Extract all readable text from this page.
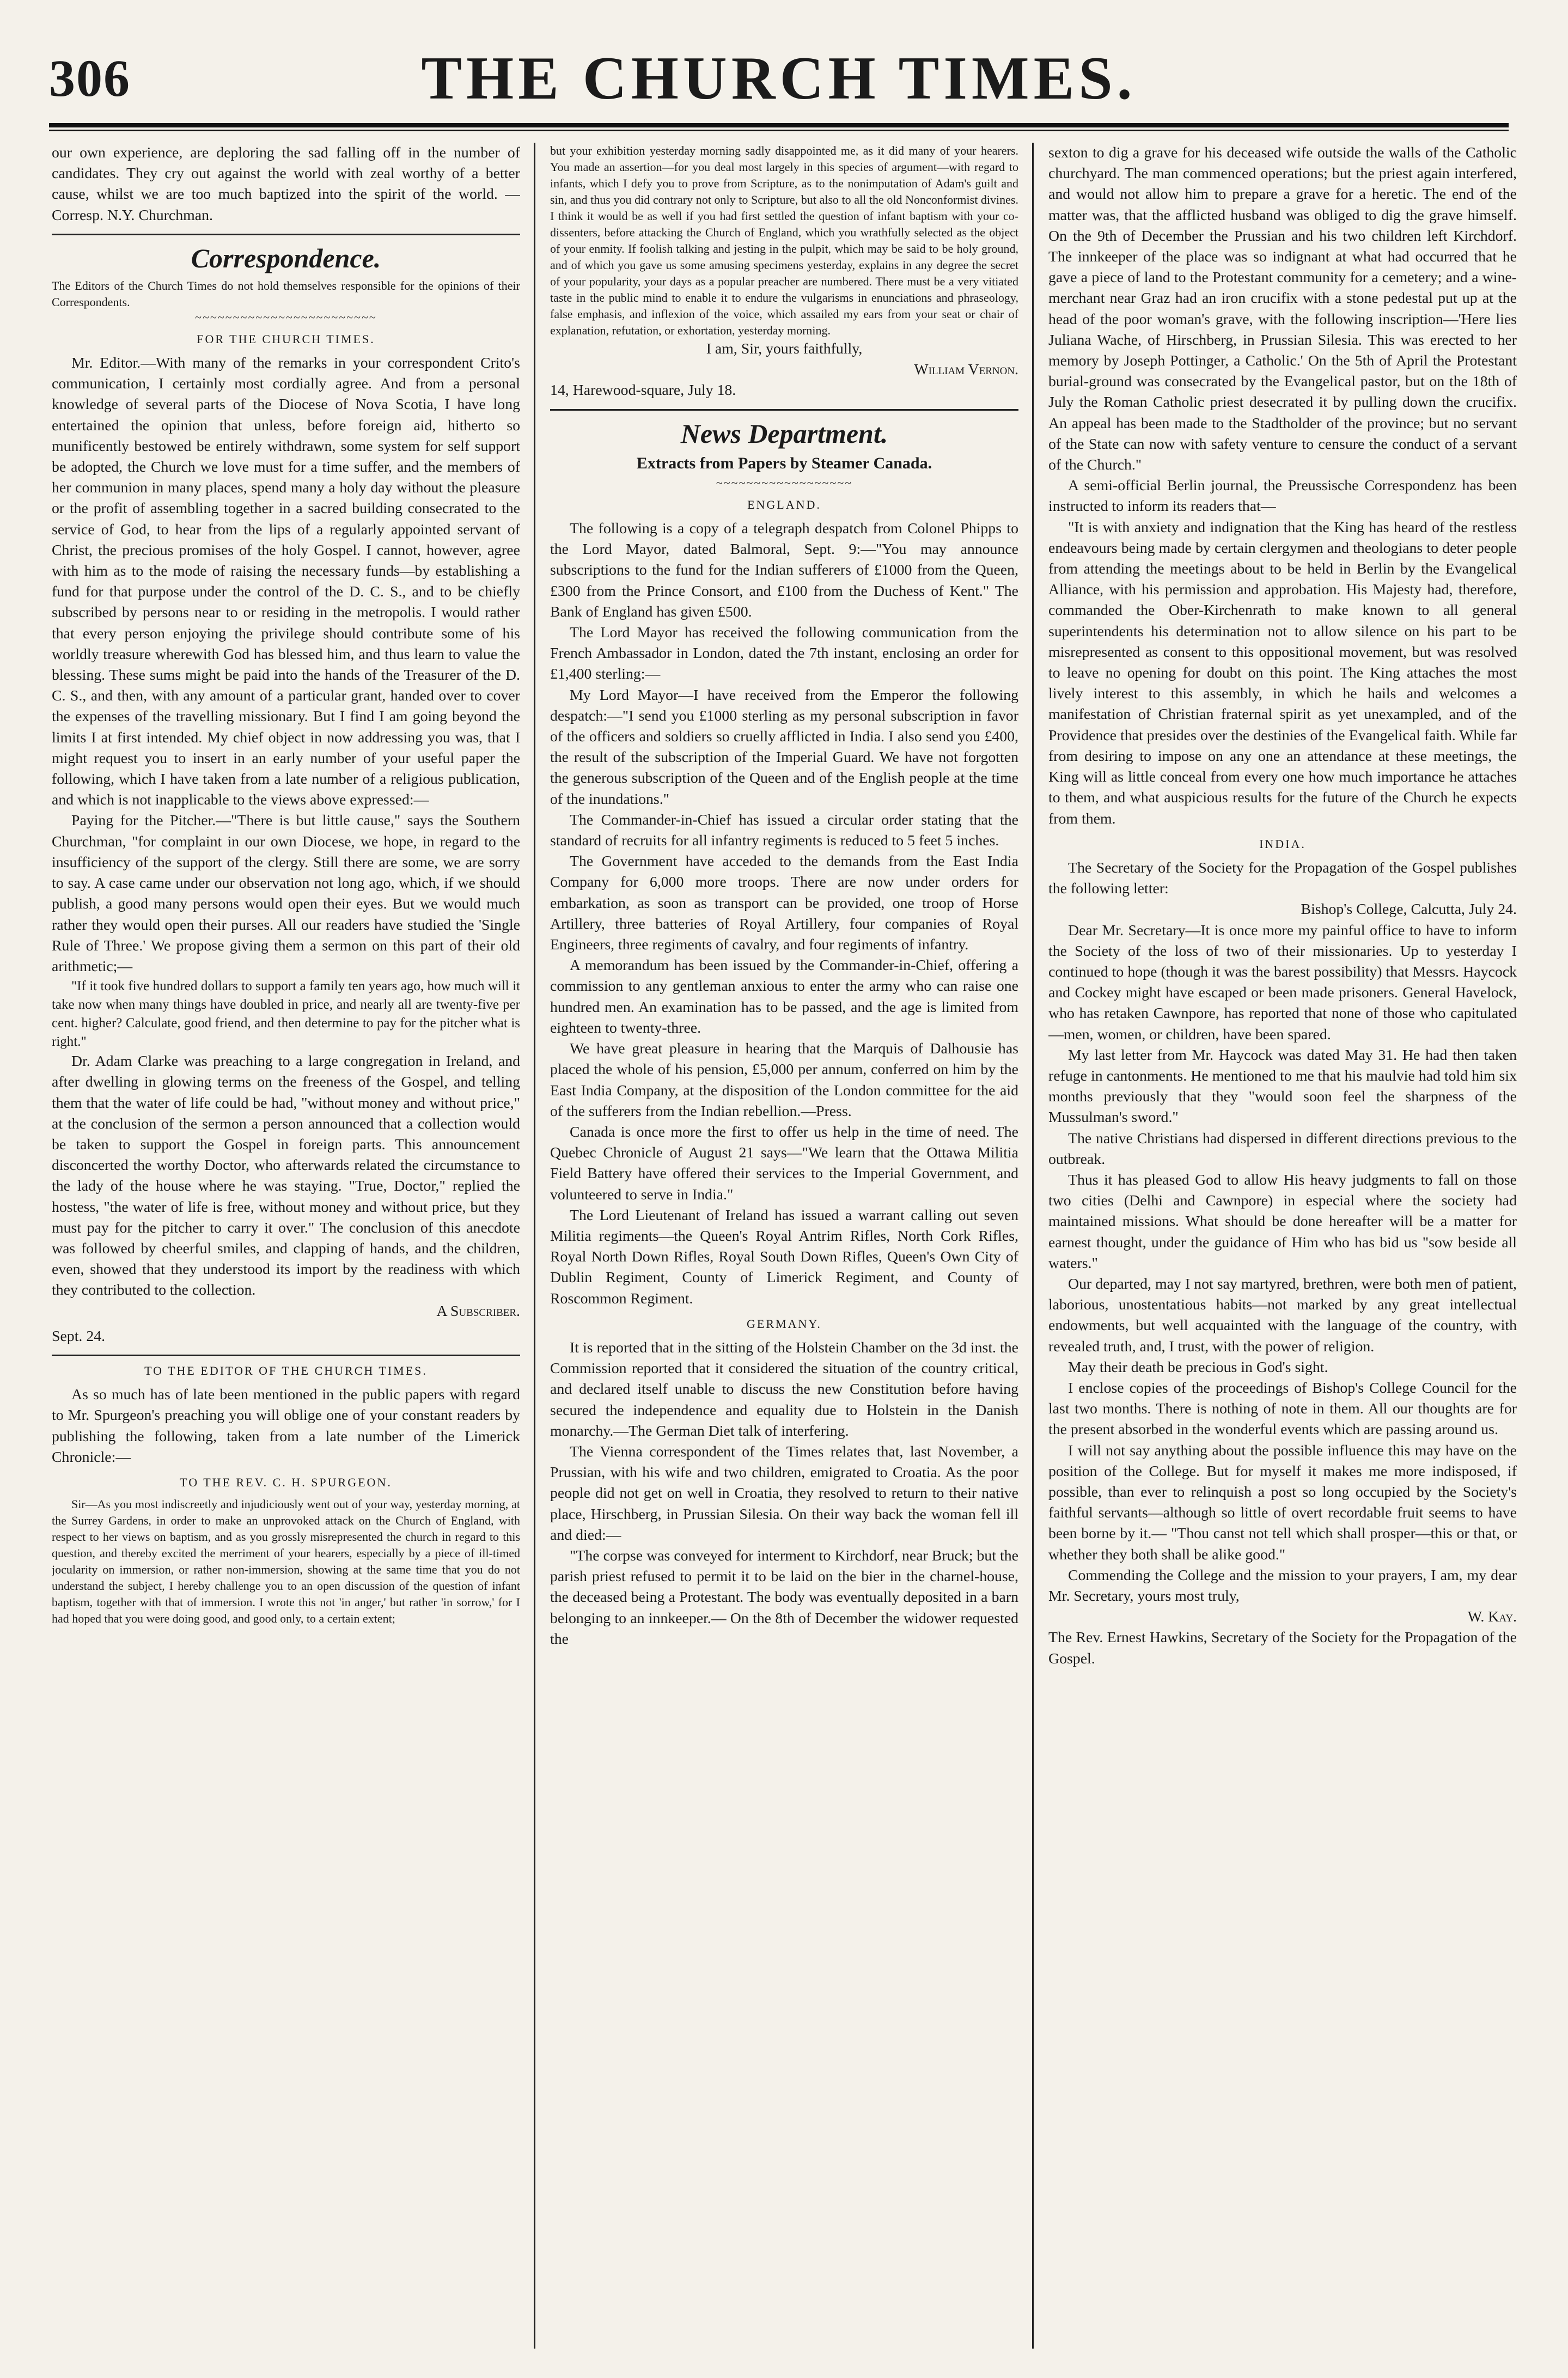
306	THE CHURCH TIMES.

our own experience, are deploring the sad falling off in the number of candidates. They cry out against the world with zeal worthy of a better cause, whilst we are too much baptized into the spirit of the world. — Corresp. N.Y. Churchman.

Correspondence.

The Editors of the Church Times do not hold themselves responsible for the opinions of their Correspondents.

~~~~~~~~~~~~~~~~~~~~~~~~
FOR THE CHURCH TIMES.

Mr. Editor.—With many of the remarks in your correspondent Crito's communication, I certainly most cordially agree. And from a personal knowledge of several parts of the Diocese of Nova Scotia, I have long entertained the opinion that unless, before foreign aid, hitherto so munificently bestowed be entirely withdrawn, some system for self support be adopted, the Church we love must for a time suffer, and the members of her communion in many places, spend many a holy day without the pleasure or the profit of assembling together in a sacred building consecrated to the service of God, to hear from the lips of a regularly appointed servant of Christ, the precious promises of the holy Gospel. I cannot, however, agree with him as to the mode of raising the necessary funds—by establishing a fund for that purpose under the control of the D. C. S., and to be chiefly subscribed by persons near to or residing in the metropolis. I would rather that every person enjoying the privilege should contribute some of his worldly treasure wherewith God has blessed him, and thus learn to value the blessing. These sums might be paid into the hands of the Treasurer of the D. C. S., and then, with any amount of a particular grant, handed over to cover the expenses of the travelling missionary. But I find I am going beyond the limits I at first intended. My chief object in now addressing you was, that I might request you to insert in an early number of your useful paper the following, which I have taken from a late number of a religious publication, and which is not inapplicable to the views above expressed:—

Paying for the Pitcher.—"There is but little cause," says the Southern Churchman, "for complaint in our own Diocese, we hope, in regard to the insufficiency of the support of the clergy. Still there are some, we are sorry to say. A case came under our observation not long ago, which, if we should publish, a good many persons would open their eyes. But we would much rather they would open their purses. All our readers have studied the 'Single Rule of Three.' We propose giving them a sermon on this part of their old arithmetic;—

"If it took five hundred dollars to support a family ten years ago, how much will it take now when many things have doubled in price, and nearly all are twenty-five per cent. higher? Calculate, good friend, and then determine to pay for the pitcher what is right."

Dr. Adam Clarke was preaching to a large congregation in Ireland, and after dwelling in glowing terms on the freeness of the Gospel, and telling them that the water of life could be had, "without money and without price," at the conclusion of the sermon a person announced that a collection would be taken to support the Gospel in foreign parts. This announcement disconcerted the worthy Doctor, who afterwards related the circumstance to the lady of the house where he was staying. "True, Doctor," replied the hostess, "the water of life is free, without money and without price, but they must pay for the pitcher to carry it over." The conclusion of this anecdote was followed by cheerful smiles, and clapping of hands, and the children, even, showed that they understood its import by the readiness with which they contributed to the collection.

A Subscriber.
Sept. 24.
TO THE EDITOR OF THE CHURCH TIMES.

As so much has of late been mentioned in the public papers with regard to Mr. Spurgeon's preaching you will oblige one of your constant readers by publishing the following, taken from a late number of the Limerick Chronicle:—

TO THE REV. C. H. SPURGEON.

Sir—As you most indiscreetly and injudiciously went out of your way, yesterday morning, at the Surrey Gardens, in order to make an unprovoked attack on the Church of England, with respect to her views on baptism, and as you grossly misrepresented the church in regard to this question, and thereby excited the merriment of your hearers, especially by a piece of ill-timed jocularity on immersion, or rather non-immersion, showing at the same time that you do not understand the subject, I hereby challenge you to an open discussion of the question of infant baptism, together with that of immersion. I wrote this not 'in anger,' but rather 'in sorrow,' for I had hoped that you were doing good, and good only, to a certain extent;

but your exhibition yesterday morning sadly disappointed me, as it did many of your hearers. You made an assertion—for you deal most largely in this species of argument—with regard to infants, which I defy you to prove from Scripture, as to the nonimputation of Adam's guilt and sin, and thus you did contrary not only to Scripture, but also to all the old Nonconformist divines. I think it would be as well if you had first settled the question of infant baptism with your co-dissenters, before attacking the Church of England, which you wrathfully selected as the object of your enmity. If foolish talking and jesting in the pulpit, which may be said to be holy ground, and of which you gave us some amusing specimens yesterday, explains in any degree the secret of your popularity, your days as a popular preacher are numbered. There must be a very vitiated taste in the public mind to enable it to endure the vulgarisms in enunciations and phraseology, false emphasis, and inflexion of the voice, which assailed my ears from your seat or chair of explanation, refutation, or exhortation, yesterday morning.

I am, Sir, yours faithfully,

William Vernon.

14, Harewood-square, July 18.

News Department.
Extracts from Papers by Steamer Canada.
~~~~~~~~~~~~~~~~~~
ENGLAND.

The following is a copy of a telegraph despatch from Colonel Phipps to the Lord Mayor, dated Balmoral, Sept. 9:—"You may announce subscriptions to the fund for the Indian sufferers of £1000 from the Queen, £300 from the Prince Consort, and £100 from the Duchess of Kent." The Bank of England has given £500.

The Lord Mayor has received the following communication from the French Ambassador in London, dated the 7th instant, enclosing an order for £1,400 sterling:—

My Lord Mayor—I have received from the Emperor the following despatch:—"I send you £1000 sterling as my personal subscription in favor of the officers and soldiers so cruelly afflicted in India. I also send you £400, the result of the subscription of the Imperial Guard. We have not forgotten the generous subscription of the Queen and of the English people at the time of the inundations."

The Commander-in-Chief has issued a circular order stating that the standard of recruits for all infantry regiments is reduced to 5 feet 5 inches.

The Government have acceded to the demands from the East India Company for 6,000 more troops. There are now under orders for embarkation, as soon as transport can be provided, one troop of Horse Artillery, three batteries of Royal Artillery, four companies of Royal Engineers, three regiments of cavalry, and four regiments of infantry.

A memorandum has been issued by the Commander-in-Chief, offering a commission to any gentleman anxious to enter the army who can raise one hundred men. An examination has to be passed, and the age is limited from eighteen to twenty-three.

We have great pleasure in hearing that the Marquis of Dalhousie has placed the whole of his pension, £5,000 per annum, conferred on him by the East India Company, at the disposition of the London committee for the aid of the sufferers from the Indian rebellion.—Press.

Canada is once more the first to offer us help in the time of need. The Quebec Chronicle of August 21 says—"We learn that the Ottawa Militia Field Battery have offered their services to the Imperial Government, and volunteered to serve in India."

The Lord Lieutenant of Ireland has issued a warrant calling out seven Militia regiments—the Queen's Royal Antrim Rifles, North Cork Rifles, Royal North Down Rifles, Royal South Down Rifles, Queen's Own City of Dublin Regiment, County of Limerick Regiment, and County of Roscommon Regiment.

GERMANY.

It is reported that in the sitting of the Holstein Chamber on the 3d inst. the Commission reported that it considered the situation of the country critical, and declared itself unable to discuss the new Constitution before having secured the independence and equality due to Holstein in the Danish monarchy.—The German Diet talk of interfering.

The Vienna correspondent of the Times relates that, last November, a Prussian, with his wife and two children, emigrated to Croatia. As the poor people did not get on well in Croatia, they resolved to return to their native place, Hirschberg, in Prussian Silesia. On their way back the woman fell ill and died:—

"The corpse was conveyed for interment to Kirchdorf, near Bruck; but the parish priest refused to permit it to be laid on the bier in the charnel-house, the deceased being a Protestant. The body was eventually deposited in a barn belonging to an innkeeper.— On the 8th of December the widower requested the

sexton to dig a grave for his deceased wife outside the walls of the Catholic churchyard. The man commenced operations; but the priest again interfered, and would not allow him to prepare a grave for a heretic. The end of the matter was, that the afflicted husband was obliged to dig the grave himself. On the 9th of December the Prussian and his two children left Kirchdorf. The innkeeper of the place was so indignant at what had occurred that he gave a piece of land to the Protestant community for a cemetery; and a wine-merchant near Graz had an iron crucifix with a stone pedestal put up at the head of the poor woman's grave, with the following inscription—'Here lies Juliana Wache, of Hirschberg, in Prussian Silesia. This was erected to her memory by Joseph Pottinger, a Catholic.' On the 5th of April the Protestant burial-ground was consecrated by the Evangelical pastor, but on the 18th of July the Roman Catholic priest desecrated it by pulling down the crucifix. An appeal has been made to the Stadtholder of the province; but no servant of the State can now with safety venture to censure the conduct of a servant of the Church."

A semi-official Berlin journal, the Preussische Correspondenz has been instructed to inform its readers that—

"It is with anxiety and indignation that the King has heard of the restless endeavours being made by certain clergymen and theologians to deter people from attending the meetings about to be held in Berlin by the Evangelical Alliance, with his permission and approbation. His Majesty had, therefore, commanded the Ober-Kirchenrath to make known to all general superintendents his determination not to allow silence on his part to be misrepresented as consent to this oppositional movement, but was resolved to leave no opening for doubt on this point. The King attaches the most lively interest to this assembly, in which he hails and welcomes a manifestation of Christian fraternal spirit as yet unexampled, and of the Providence that presides over the destinies of the Evangelical faith. While far from desiring to impose on any one an attendance at these meetings, the King will as little conceal from every one how much importance he attaches to them, and what auspicious results for the future of the Church he expects from them.

INDIA.

The Secretary of the Society for the Propagation of the Gospel publishes the following letter:

Bishop's College, Calcutta, July 24.

Dear Mr. Secretary—It is once more my painful office to have to inform the Society of the loss of two of their missionaries. Up to yesterday I continued to hope (though it was the barest possibility) that Messrs. Haycock and Cockey might have escaped or been made prisoners. General Havelock, who has retaken Cawnpore, has reported that none of those who capitulated—men, women, or children, have been spared.

My last letter from Mr. Haycock was dated May 31. He had then taken refuge in cantonments. He mentioned to me that his maulvie had told him six months previously that they "would soon feel the sharpness of the Mussulman's sword."

The native Christians had dispersed in different directions previous to the outbreak.

Thus it has pleased God to allow His heavy judgments to fall on those two cities (Delhi and Cawnpore) in especial where the society had maintained missions. What should be done hereafter will be a matter for earnest thought, under the guidance of Him who has bid us "sow beside all waters."

Our departed, may I not say martyred, brethren, were both men of patient, laborious, unostentatious habits—not marked by any great intellectual endowments, but well acquainted with the language of the country, with revealed truth, and, I trust, with the power of religion.

May their death be precious in God's sight.

I enclose copies of the proceedings of Bishop's College Council for the last two months. There is nothing of note in them. All our thoughts are for the present absorbed in the wonderful events which are passing around us.

I will not say anything about the possible influence this may have on the position of the College. But for myself it makes me more indisposed, if possible, than ever to relinquish a post so long occupied by the Society's faithful servants—although so little of overt recordable fruit seems to have been borne by it.— "Thou canst not tell which shall prosper—this or that, or whether they both shall be alike good."

Commending the College and the mission to your prayers, I am, my dear Mr. Secretary, yours most truly,

W. Kay.

The Rev. Ernest Hawkins, Secretary of the Society for the Propagation of the Gospel.
